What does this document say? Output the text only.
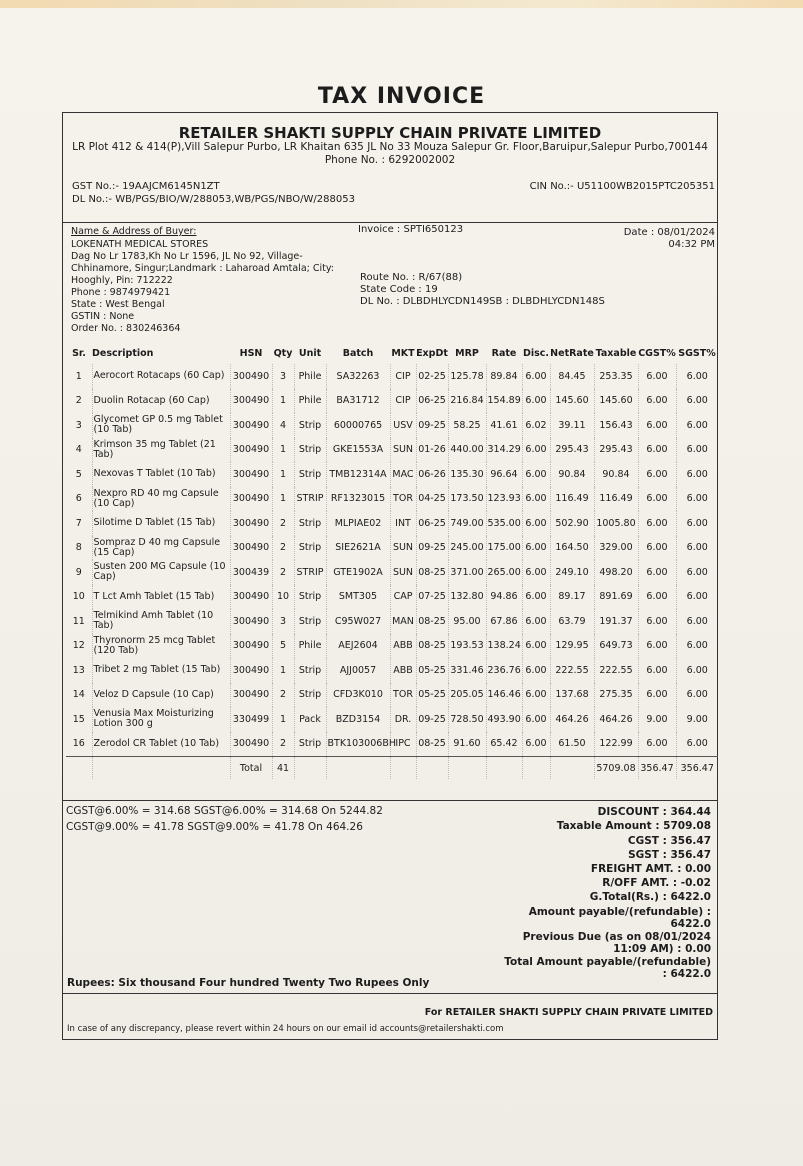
TAX INVOICE
RETAILER SHAKTI SUPPLY CHAIN PRIVATE LIMITED
LR Plot 412 & 414(P),Vill Salepur Purbo, LR Khaitan 635 JL No 33 Mouza Salepur Gr. Floor,Baruipur,Salepur Purbo,700144
Phone No. : 6292002002
GST No.:- 19AAJCM6145N1ZT
DL No.:- WB/PGS/BIO/W/288053,WB/PGS/NBO/W/288053
CIN No.:- U51100WB2015PTC205351
Name & Address of Buyer:
LOKENATH MEDICAL STORES
Dag No Lr 1783,Kh No Lr 1596, JL No 92, Village-
Chhinamore, Singur;Landmark : Laharoad Amtala; City:
Hooghly, Pin: 712222
Phone : 9874979421
State : West Bengal
GSTIN : None
Order No. : 830246364
Invoice : SPTI650123	Date : 08/01/2024
04:32 PM
Route No. : R/67(88)
State Code : 19
DL No. : DLBDHLYCDN149SB : DLBDHLYCDN148S
Sr.	Description	HSN	Qty	Unit	Batch	MKT	ExpDt	MRP	Rate	Disc.	NetRate	Taxable	CGST%	SGST%
1	Aerocort Rotacaps (60 Cap)	300490	3	Phile	SA32263	CIP	02-25	125.78	89.84	6.00	84.45	253.35	6.00	6.00
2	Duolin Rotacap (60 Cap)	300490	1	Phile	BA31712	CIP	06-25	216.84	154.89	6.00	145.60	145.60	6.00	6.00
3	Glycomet GP 0.5 mg Tablet (10 Tab)	300490	4	Strip	60000765	USV	09-25	58.25	41.61	6.02	39.11	156.43	6.00	6.00
4	Krimson 35 mg Tablet (21 Tab)	300490	1	Strip	GKE1553A	SUN	01-26	440.00	314.29	6.00	295.43	295.43	6.00	6.00
5	Nexovas T Tablet (10 Tab)	300490	1	Strip	TMB12314A	MAC	06-26	135.30	96.64	6.00	90.84	90.84	6.00	6.00
6	Nexpro RD 40 mg Capsule (10 Cap)	300490	1	STRIP	RF1323015	TOR	04-25	173.50	123.93	6.00	116.49	116.49	6.00	6.00
7	Silotime D Tablet (15 Tab)	300490	2	Strip	MLPIAE02	INT	06-25	749.00	535.00	6.00	502.90	1005.80	6.00	6.00
8	Sompraz D 40 mg Capsule (15 Cap)	300490	2	Strip	SIE2621A	SUN	09-25	245.00	175.00	6.00	164.50	329.00	6.00	6.00
9	Susten 200 MG Capsule (10 Cap)	300439	2	STRIP	GTE1902A	SUN	08-25	371.00	265.00	6.00	249.10	498.20	6.00	6.00
10	T Lct Amh Tablet (15 Tab)	300490	10	Strip	SMT305	CAP	07-25	132.80	94.86	6.00	89.17	891.69	6.00	6.00
11	Telmikind Amh Tablet (10 Tab)	300490	3	Strip	C95W027	MAN	08-25	95.00	67.86	6.00	63.79	191.37	6.00	6.00
12	Thyronorm 25 mcg Tablet (120 Tab)	300490	5	Phile	AEJ2604	ABB	08-25	193.53	138.24	6.00	129.95	649.73	6.00	6.00
13	Tribet 2 mg Tablet (15 Tab)	300490	1	Strip	AJJ0057	ABB	05-25	331.46	236.76	6.00	222.55	222.55	6.00	6.00
14	Veloz D Capsule (10 Cap)	300490	2	Strip	CFD3K010	TOR	05-25	205.05	146.46	6.00	137.68	275.35	6.00	6.00
15	Venusia Max Moisturizing Lotion 300 g	330499	1	Pack	BZD3154	DR.	09-25	728.50	493.90	6.00	464.26	464.26	9.00	9.00
16	Zerodol CR Tablet (10 Tab)	300490	2	Strip	BTK103006BH	IPC	08-25	91.60	65.42	6.00	61.50	122.99	6.00	6.00
		Total	41									5709.08	356.47	356.47
CGST@6.00% = 314.68 SGST@6.00% = 314.68 On 5244.82
CGST@9.00% = 41.78 SGST@9.00% = 41.78 On 464.26
DISCOUNT : 364.44
Taxable Amount : 5709.08
CGST : 356.47
SGST : 356.47
FREIGHT AMT. : 0.00
R/OFF AMT. : -0.02
G.Total(Rs.) : 6422.0
Amount payable/(refundable) :
6422.0
Previous Due (as on 08/01/2024
11:09 AM) : 0.00
Total Amount payable/(refundable)
: 6422.0
Rupees: Six thousand Four hundred Twenty Two Rupees Only
For RETAILER SHAKTI SUPPLY CHAIN PRIVATE LIMITED
In case of any discrepancy, please revert within 24 hours on our email id accounts@retailershakti.com
